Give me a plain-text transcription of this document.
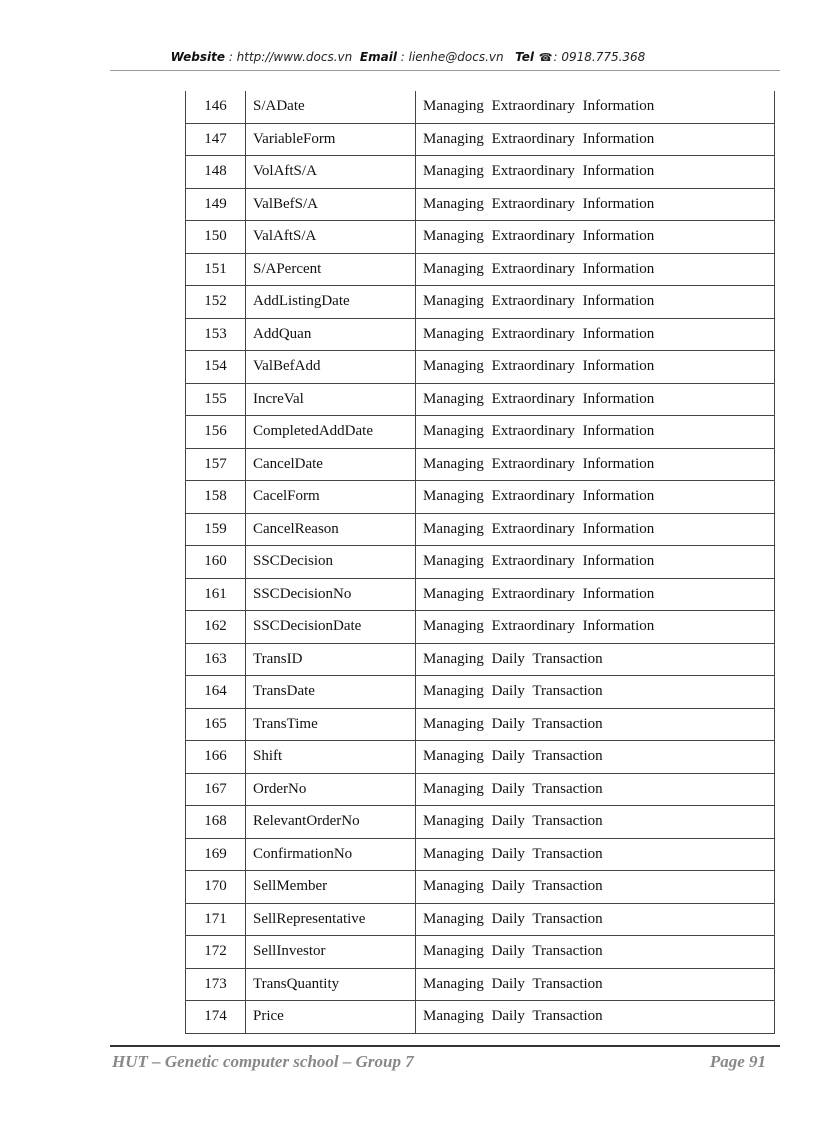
Website : http://www.docs.vn Email : lienhe@docs.vn Tel ☎: 0918.775.368
146	S/ADate	Managing Extraordinary Information
147	VariableForm	Managing Extraordinary Information
148	VolAftS/A	Managing Extraordinary Information
149	ValBefS/A	Managing Extraordinary Information
150	ValAftS/A	Managing Extraordinary Information
151	S/APercent	Managing Extraordinary Information
152	AddListingDate	Managing Extraordinary Information
153	AddQuan	Managing Extraordinary Information
154	ValBefAdd	Managing Extraordinary Information
155	IncreVal	Managing Extraordinary Information
156	CompletedAddDate	Managing Extraordinary Information
157	CancelDate	Managing Extraordinary Information
158	CacelForm	Managing Extraordinary Information
159	CancelReason	Managing Extraordinary Information
160	SSCDecision	Managing Extraordinary Information
161	SSCDecisionNo	Managing Extraordinary Information
162	SSCDecisionDate	Managing Extraordinary Information
163	TransID	Managing Daily Transaction
164	TransDate	Managing Daily Transaction
165	TransTime	Managing Daily Transaction
166	Shift	Managing Daily Transaction
167	OrderNo	Managing Daily Transaction
168	RelevantOrderNo	Managing Daily Transaction
169	ConfirmationNo	Managing Daily Transaction
170	SellMember	Managing Daily Transaction
171	SellRepresentative	Managing Daily Transaction
172	SellInvestor	Managing Daily Transaction
173	TransQuantity	Managing Daily Transaction
174	Price	Managing Daily Transaction
HUT – Genetic computer school – Group 7	Page 91
